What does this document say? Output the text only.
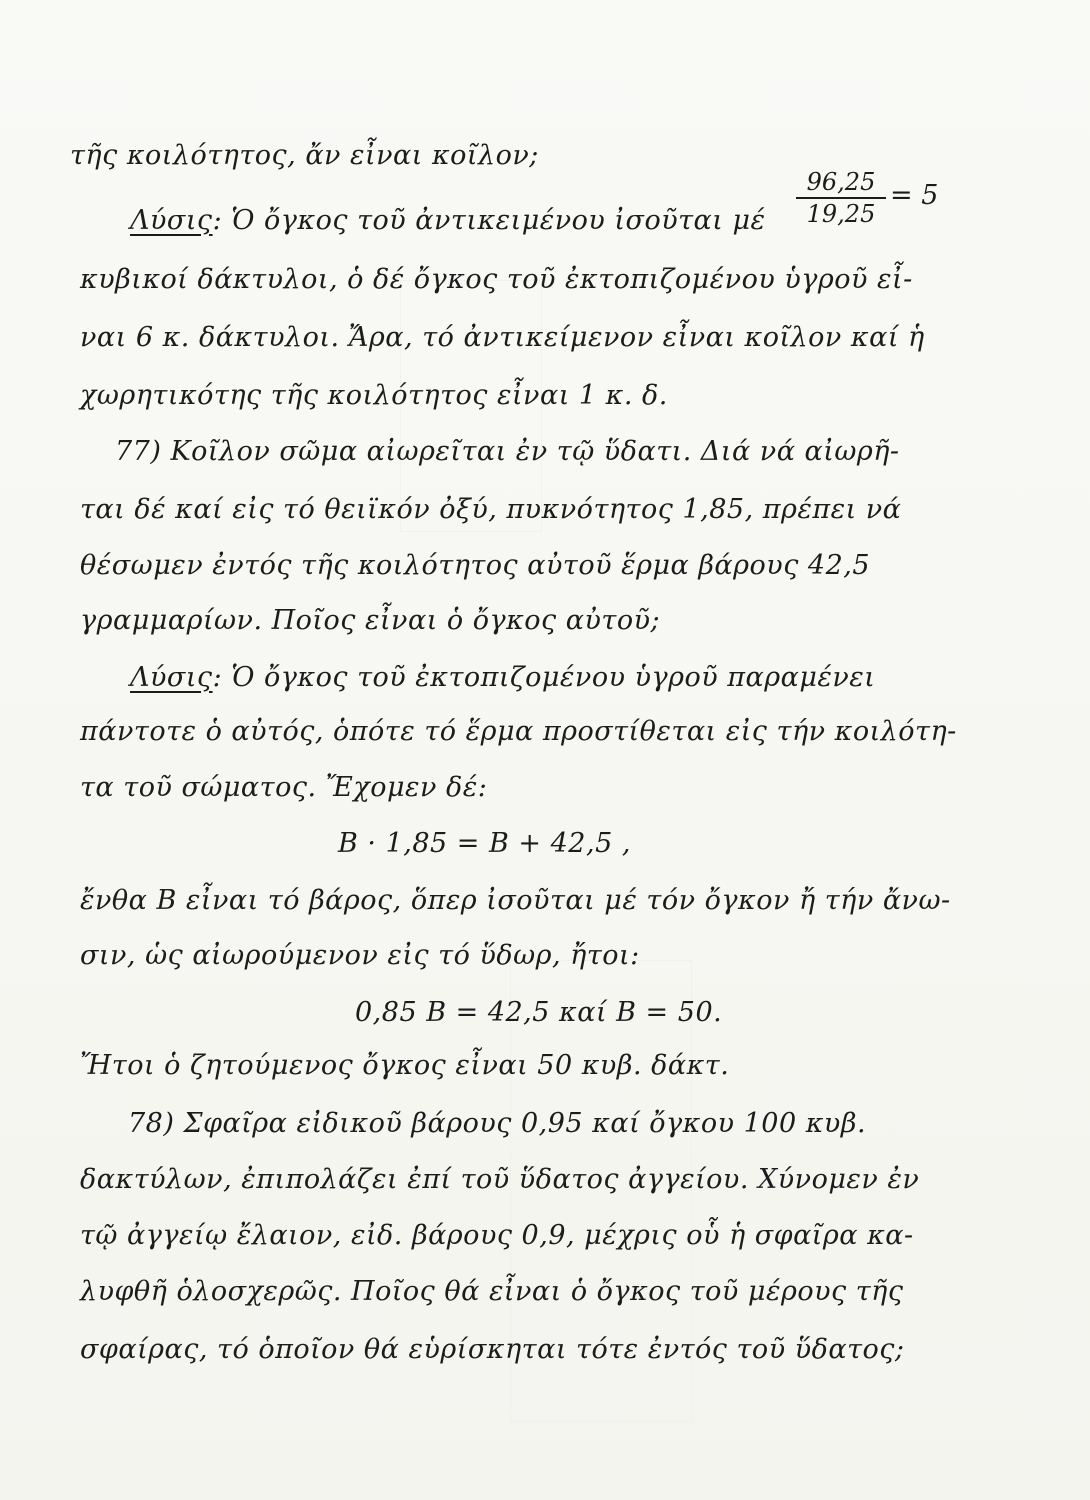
τῆς κοιλότητος, ἄν εἶναι κοῖλον;
Λύσις: Ὁ ὄγκος τοῦ ἀντικειμένου ἰσοῦται μέ $\frac{96,25}{19,25} = 5$
κυβικοί δάκτυλοι, ὁ δέ ὄγκος τοῦ ἐκτοπιζομένου ὑγροῦ εἶ-
ναι 6 κ. δάκτυλοι. Ἄρα, τό ἀντικείμενον εἶναι κοῖλον καί ἡ
χωρητικότης τῆς κοιλότητος εἶναι 1 κ. δ.
77) Κοῖλον σῶμα αἰωρεῖται ἐν τῷ ὕδατι. Διά νά αἰωρῆ-
ται δέ καί εἰς τό θειϊκόν ὀξύ, πυκνότητος 1,85, πρέπει νά
θέσωμεν ἐντός τῆς κοιλότητος αὐτοῦ ἕρμα βάρους 42,5
γραμμαρίων. Ποῖος εἶναι ὁ ὄγκος αὐτοῦ;
Λύσις: Ὁ ὄγκος τοῦ ἐκτοπιζομένου ὑγροῦ παραμένει
πάντοτε ὁ αὐτός, ὁπότε τό ἕρμα προστίθεται εἰς τήν κοιλότη-
τα τοῦ σώματος. Ἔχομεν δέ:
Β · 1,85 = Β + 42,5 ,
ἔνθα Β εἶναι τό βάρος, ὅπερ ἰσοῦται μέ τόν ὄγκον ἤ τήν ἄνω-
σιν, ὡς αἰωρούμενον εἰς τό ὕδωρ, ἤτοι:
0,85 Β = 42,5 καί Β = 50.
Ἤτοι ὁ ζητούμενος ὄγκος εἶναι 50 κυβ. δάκτ.
78) Σφαῖρα εἰδικοῦ βάρους 0,95 καί ὄγκου 100 κυβ.
δακτύλων, ἐπιπολάζει ἐπί τοῦ ὕδατος ἀγγείου. Χύνομεν ἐν
τῷ ἀγγείῳ ἔλαιον, εἰδ. βάρους 0,9, μέχρις οὗ ἡ σφαῖρα κα-
λυφθῆ ὁλοσχερῶς. Ποῖος θά εἶναι ὁ ὄγκος τοῦ μέρους τῆς
σφαίρας, τό ὁποῖον θά εὑρίσκηται τότε ἐντός τοῦ ὕδατος;
